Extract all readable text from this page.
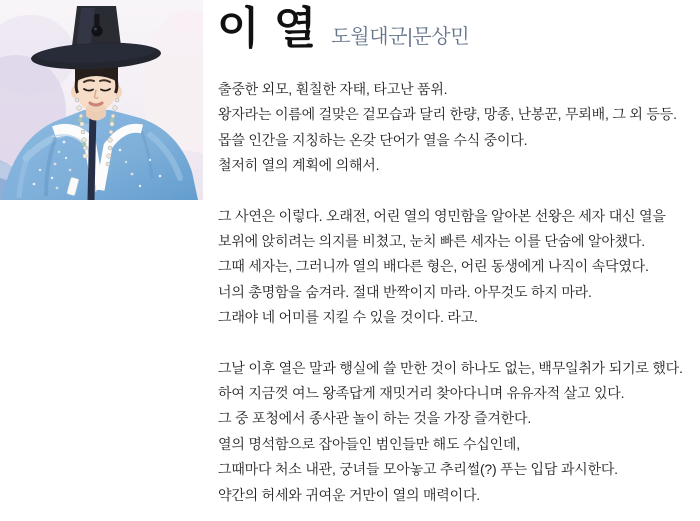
이 열 도월대군|문상민
출중한 외모, 훤칠한 자태, 타고난 품위.
왕자라는 이름에 걸맞은 겉모습과 달리 한량, 망종, 난봉꾼, 무뢰배, 그 외 등등.
몹쓸 인간을 지칭하는 온갖 단어가 열을 수식 중이다.
철저히 열의 계획에 의해서.
그 사연은 이렇다. 오래전, 어린 열의 영민함을 알아본 선왕은 세자 대신 열을
보위에 앉히려는 의지를 비쳤고, 눈치 빠른 세자는 이를 단숨에 알아챘다.
그때 세자는, 그러니까 열의 배다른 형은, 어린 동생에게 나직이 속닥였다.
너의 총명함을 숨겨라. 절대 반짝이지 마라. 아무것도 하지 마라.
그래야 네 어미를 지킬 수 있을 것이다. 라고.
그날 이후 열은 말과 행실에 쓸 만한 것이 하나도 없는, 백무일취가 되기로 했다.
하여 지금껏 여느 왕족답게 재밋거리 찾아다니며 유유자적 살고 있다.
그 중 포청에서 종사관 놀이 하는 것을 가장 즐겨한다.
열의 명석함으로 잡아들인 범인들만 해도 수십인데,
그때마다 처소 내관, 궁녀들 모아놓고 추리썰(?) 푸는 입담 과시한다.
약간의 허세와 귀여운 거만이 열의 매력이다.
